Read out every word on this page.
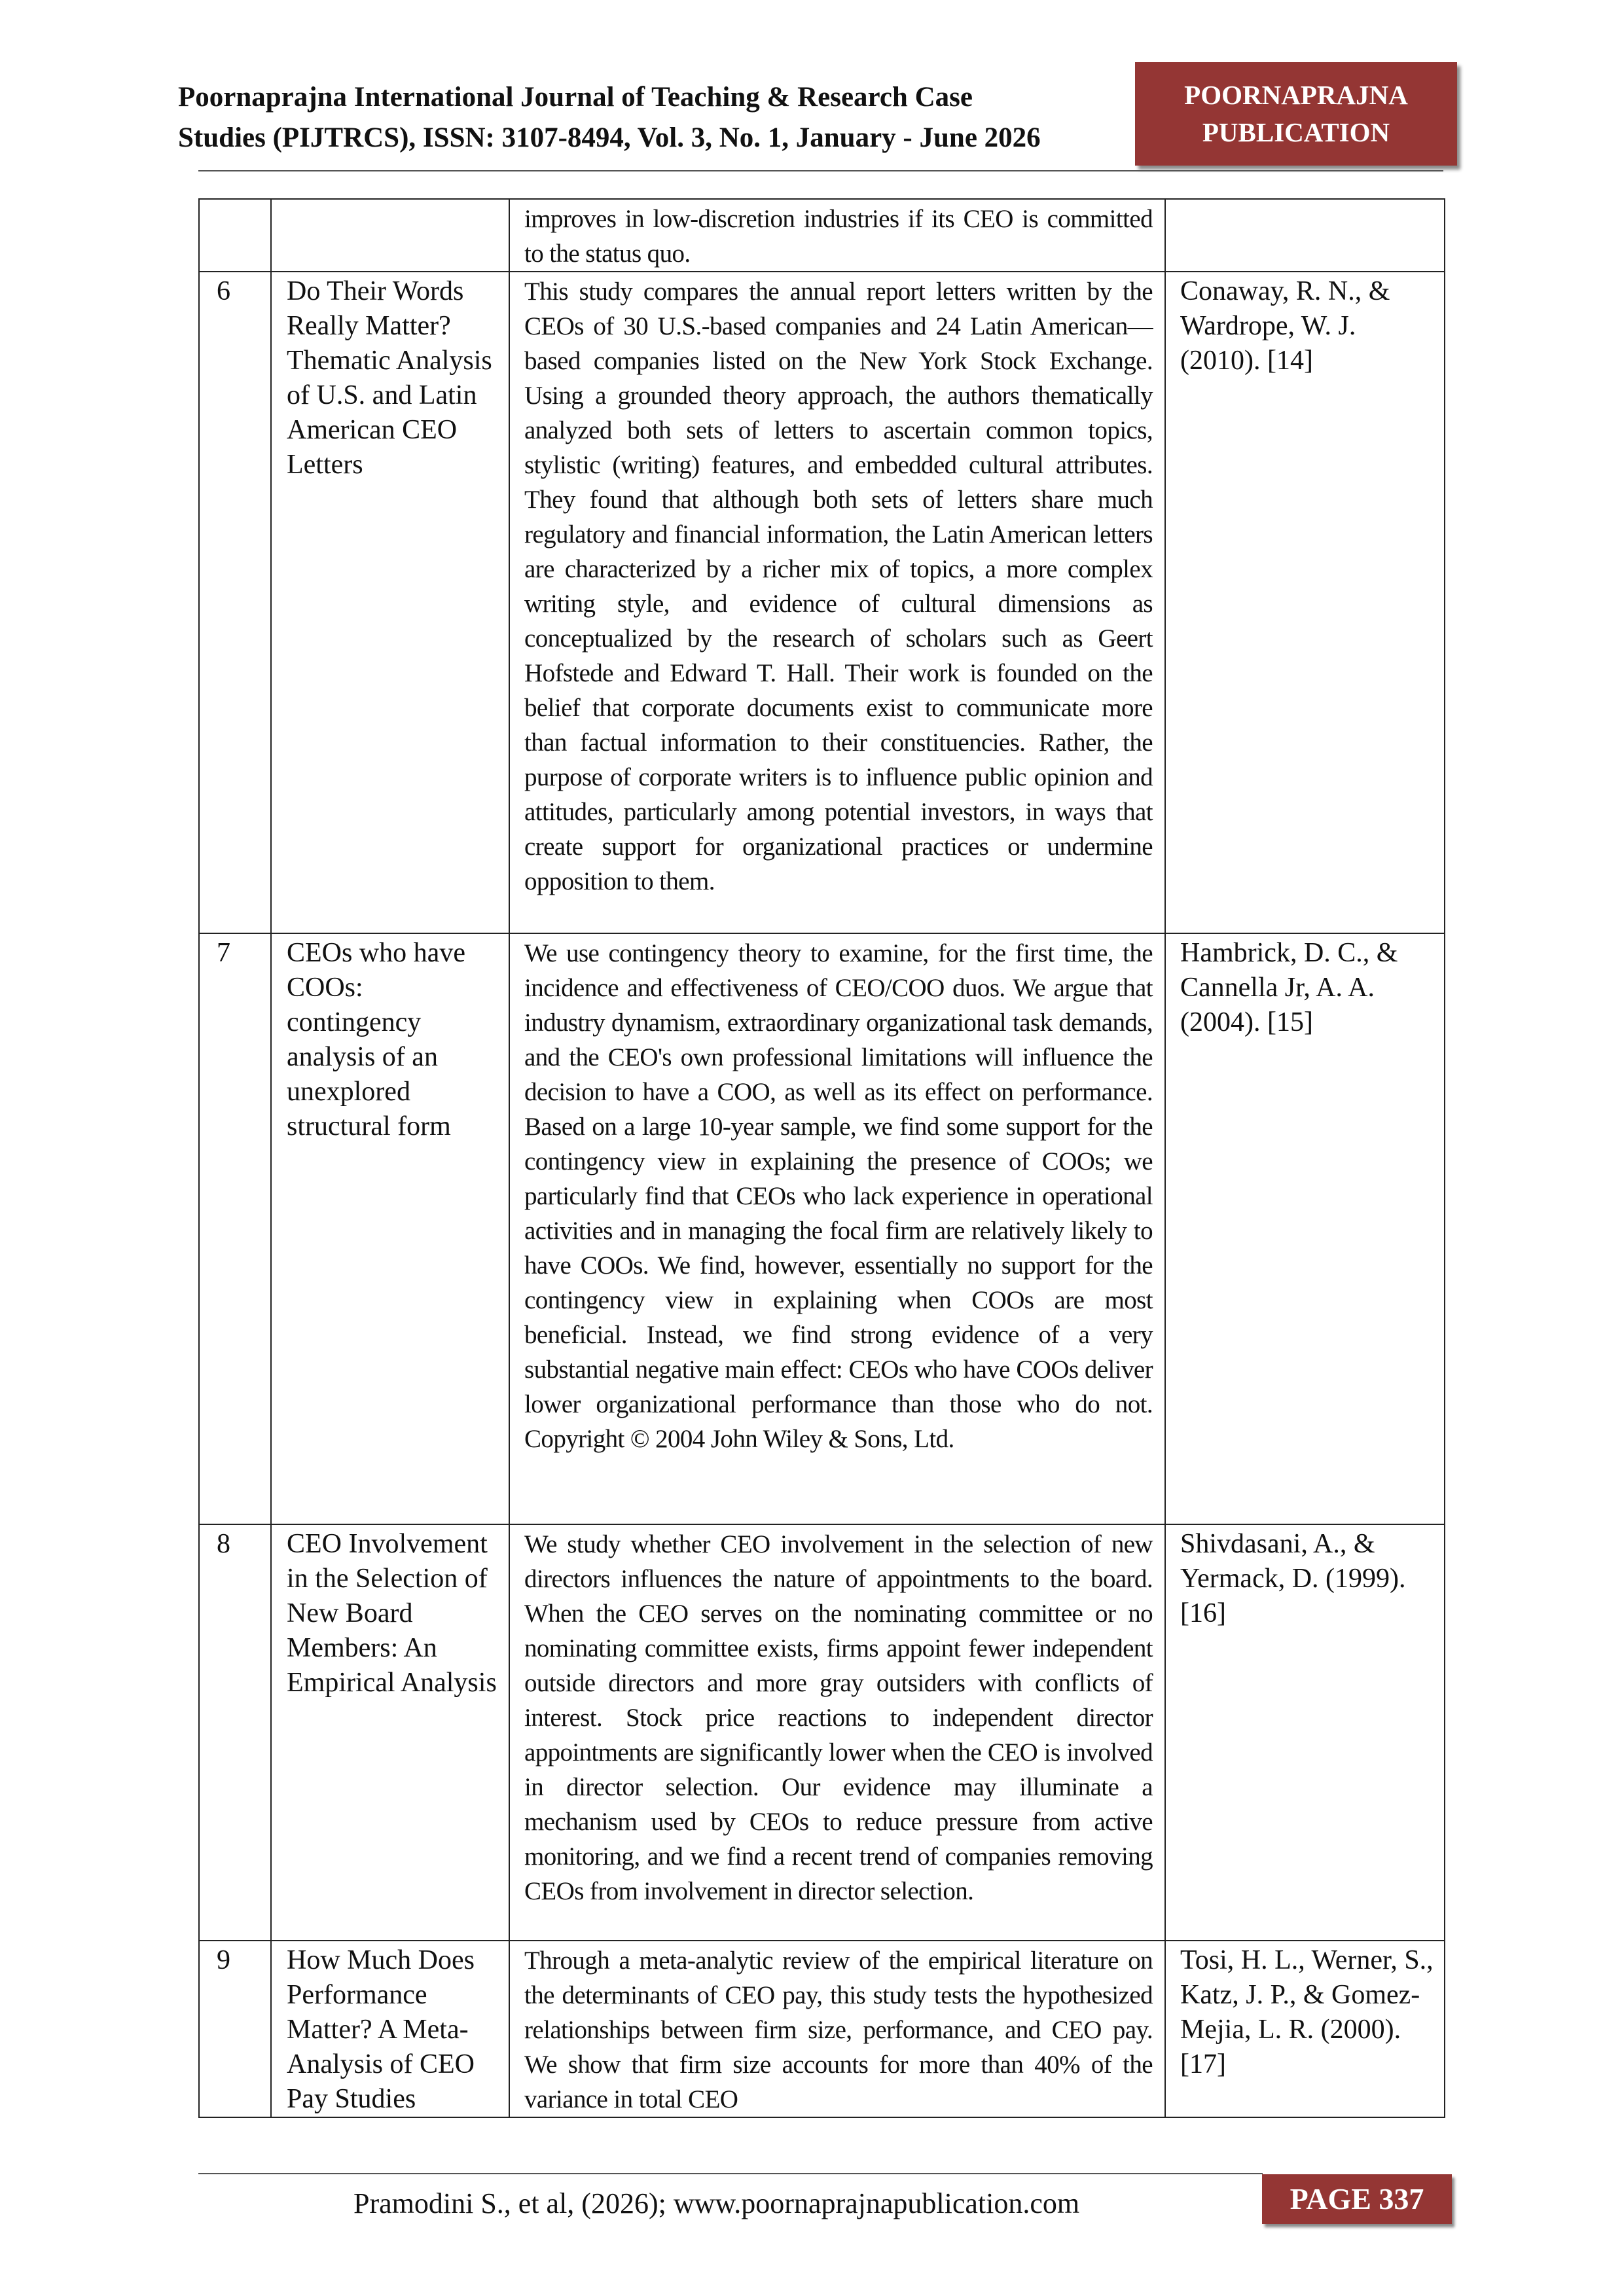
Poornaprajna International Journal of Teaching & Research Case
Studies (PIJTRCS), ISSN: 3107-8494, Vol. 3, No. 1, January - June 2026
POORNAPRAJNA
PUBLICATION
		improves in low-discretion industries if its CEO is committed to the status quo.	
6	Do Their Words Really Matter? Thematic Analysis of U.S. and Latin American CEO Letters	This study compares the annual report letters written by the CEOs of 30 U.S.-based companies and 24 Latin American—based companies listed on the New York Stock Exchange. Using a grounded theory approach, the authors thematically analyzed both sets of letters to ascertain common topics, stylistic (writing) features, and embedded cultural attributes. They found that although both sets of letters share much regulatory and financial information, the Latin American letters are characterized by a richer mix of topics, a more complex writing style, and evidence of cultural dimensions as conceptualized by the research of scholars such as Geert Hofstede and Edward T. Hall. Their work is founded on the belief that corporate documents exist to communicate more than factual information to their constituencies. Rather, the purpose of corporate writers is to influence public opinion and attitudes, particularly among potential investors, in ways that create support for organizational practices or undermine opposition to them.	Conaway, R. N., & Wardrope, W. J. (2010). [14]
7	CEOs who have COOs: contingency analysis of an unexplored structural form	We use contingency theory to examine, for the first time, the incidence and effectiveness of CEO/COO duos. We argue that industry dynamism, extraordinary organizational task demands, and the CEO's own professional limitations will influence the decision to have a COO, as well as its effect on performance. Based on a large 10-year sample, we find some support for the contingency view in explaining the presence of COOs; we particularly find that CEOs who lack experience in operational activities and in managing the focal firm are relatively likely to have COOs. We find, however, essentially no support for the contingency view in explaining when COOs are most beneficial. Instead, we find strong evidence of a very substantial negative main effect: CEOs who have COOs deliver lower organizational performance than those who do not. Copyright © 2004 John Wiley & Sons, Ltd.	Hambrick, D. C., & Cannella Jr, A. A. (2004). [15]
8	CEO Involvement in the Selection of New Board Members: An Empirical Analysis	We study whether CEO involvement in the selection of new directors influences the nature of appointments to the board. When the CEO serves on the nominating committee or no nominating committee exists, firms appoint fewer independent outside directors and more gray outsiders with conflicts of interest. Stock price reactions to independent director appointments are significantly lower when the CEO is involved in director selection. Our evidence may illuminate a mechanism used by CEOs to reduce pressure from active monitoring, and we find a recent trend of companies removing CEOs from involvement in director selection.	Shivdasani, A., & Yermack, D. (1999).[16]
9	How Much Does Performance Matter? A Meta-Analysis of CEO Pay Studies	Through a meta-analytic review of the empirical literature on the determinants of CEO pay, this study tests the hypothesized relationships between firm size, performance, and CEO pay. We show that firm size accounts for more than 40% of the variance in total CEO	Tosi, H. L., Werner, S., Katz, J. P., & Gomez-Mejia, L. R. (2000). [17]
Pramodini S., et al, (2026); www.poornaprajnapublication.com	PAGE 337
